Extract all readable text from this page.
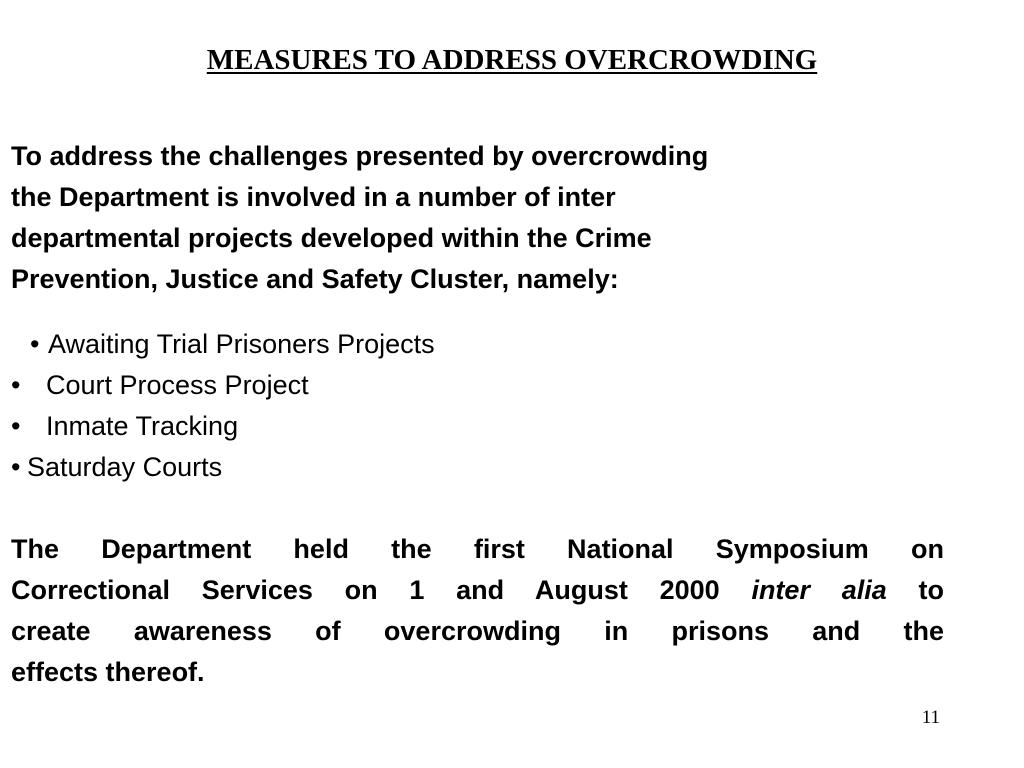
MEASURES TO ADDRESS OVERCROWDING
To address the challenges presented by overcrowding
the Department is involved in a number of inter
departmental projects developed within the Crime
Prevention, Justice and Safety Cluster, namely:
• Awaiting Trial Prisoners Projects
• Court Process Project
• Inmate Tracking
• Saturday Courts
The Department held the first National Symposium on
Correctional Services on 1 and August 2000 inter alia to
create awareness of overcrowding in prisons and the
effects thereof.
11
